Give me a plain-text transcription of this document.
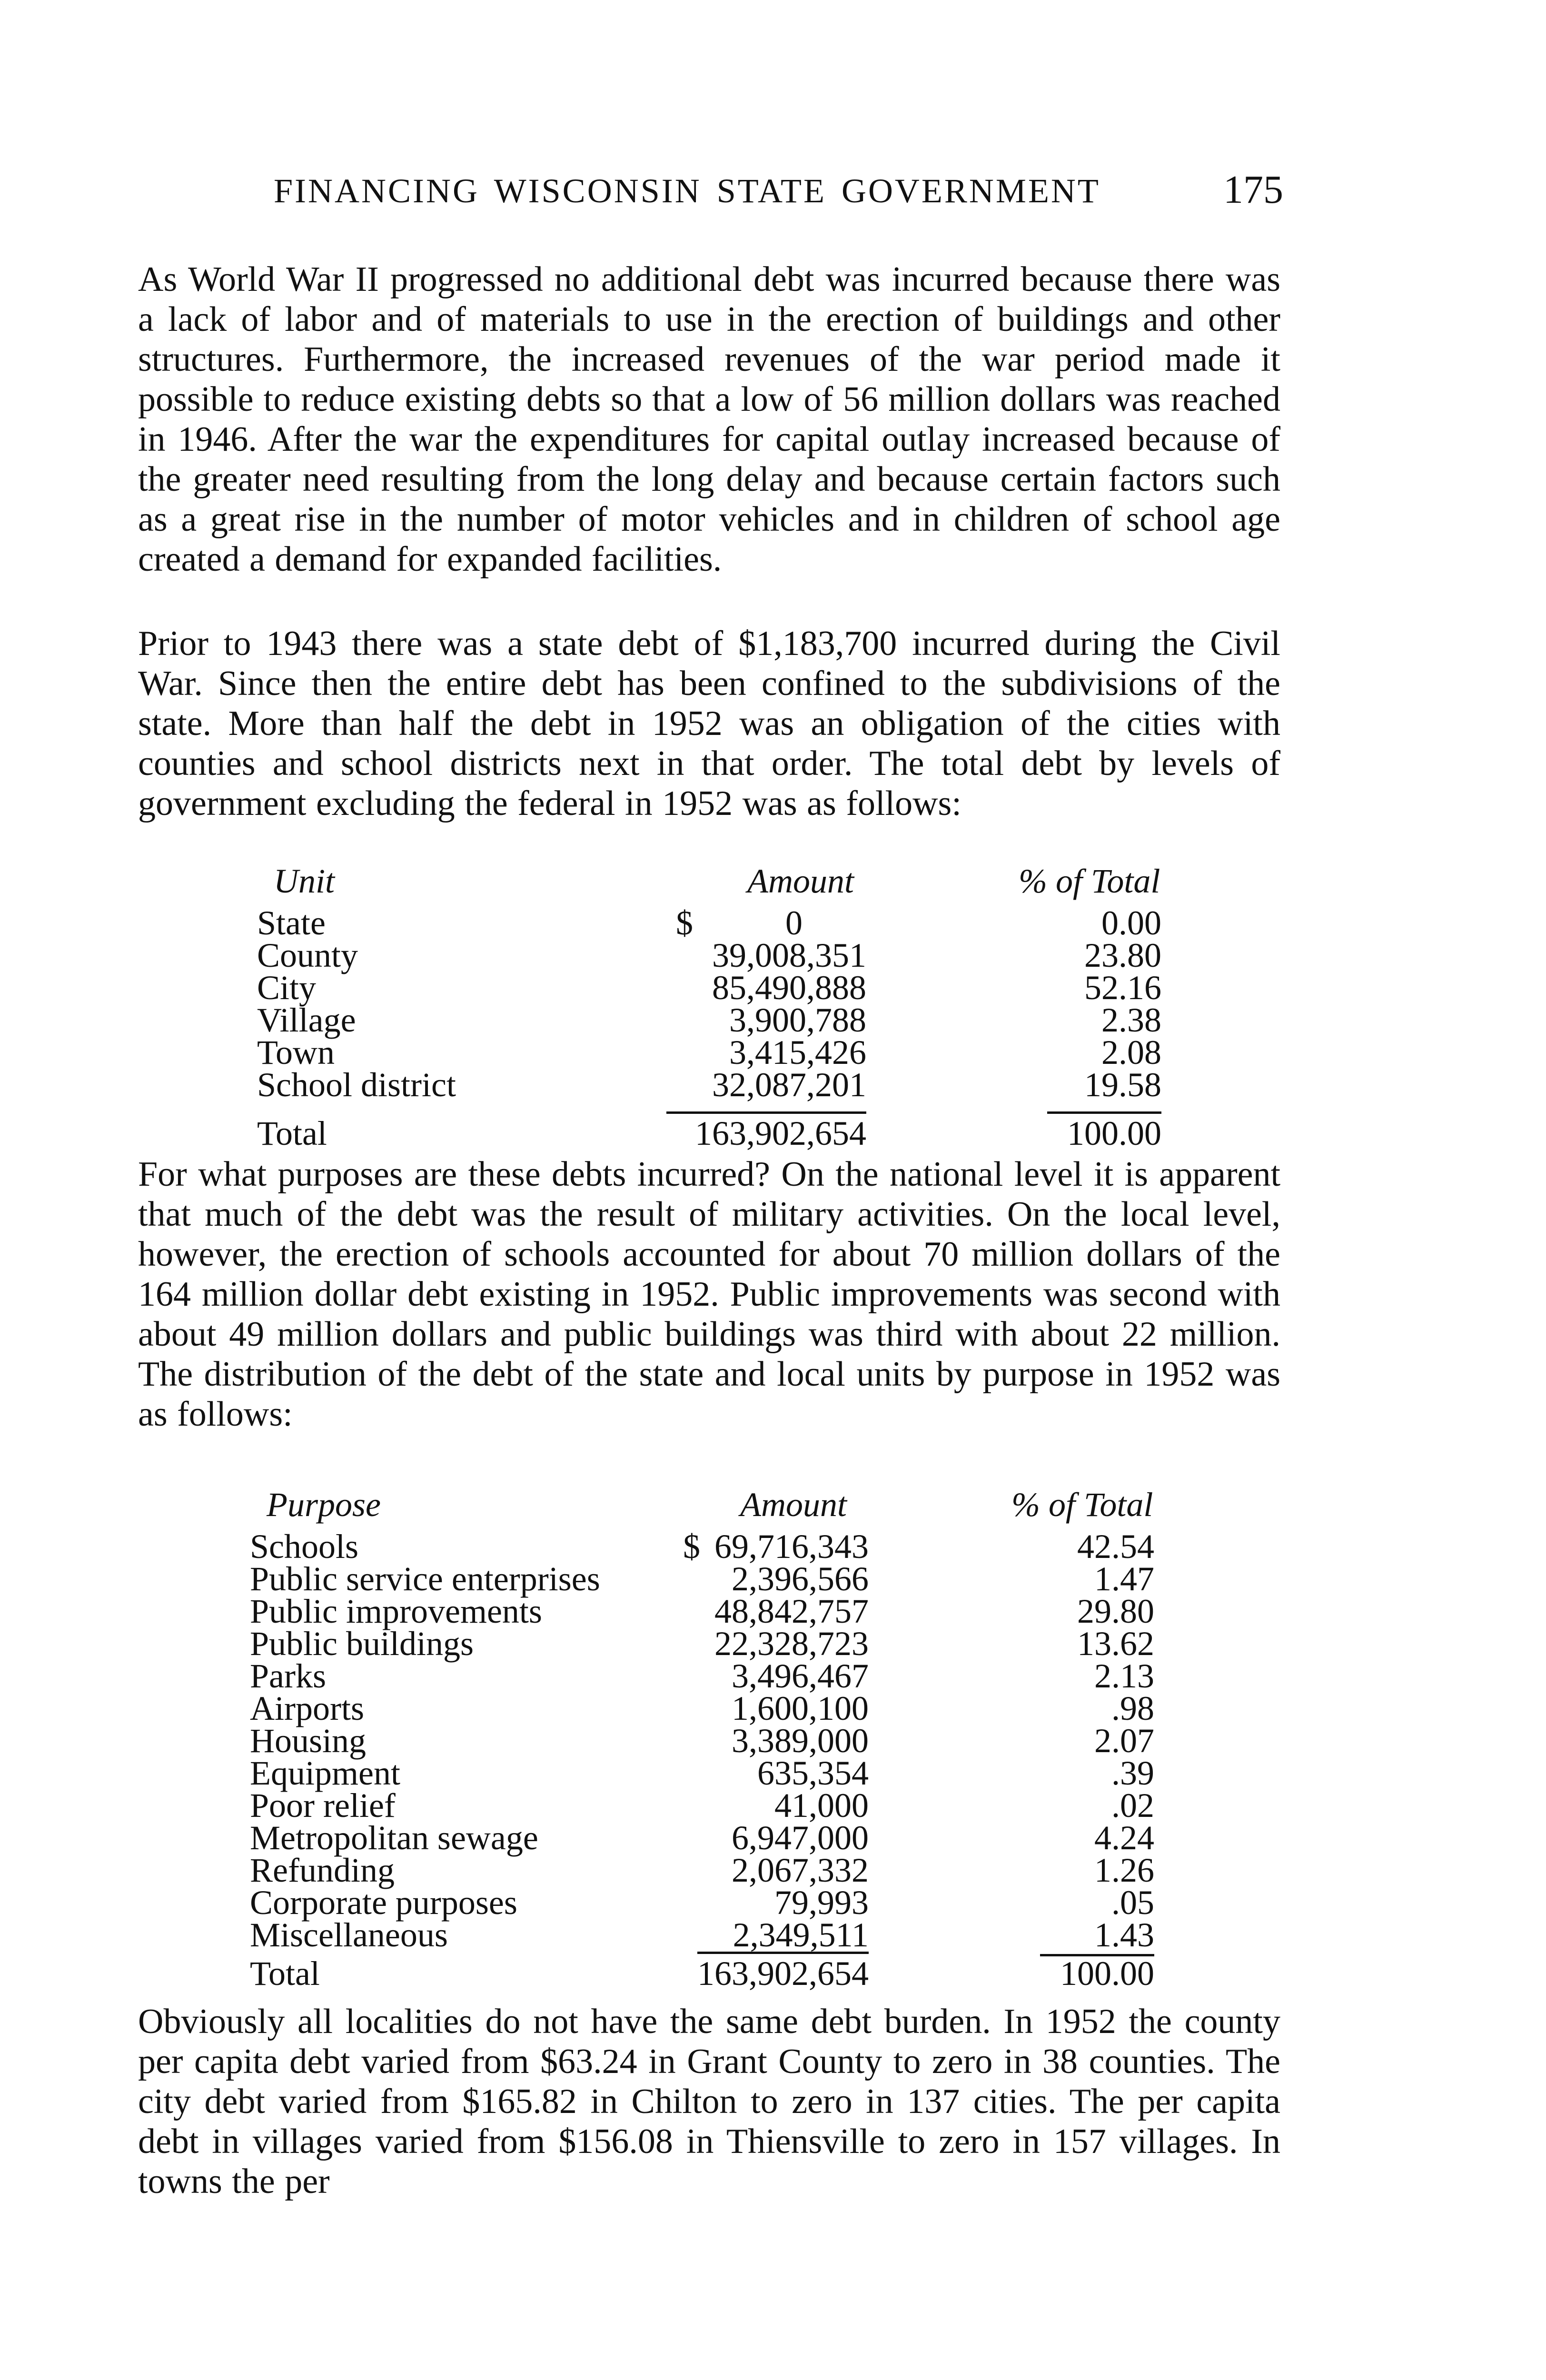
FINANCING WISCONSIN STATE GOVERNMENT	175

As World War II progressed no additional debt was incurred because there was a lack of labor and of materials to use in the erection of buildings and other structures. Furthermore, the increased revenues of the war period made it possible to reduce existing debts so that a low of 56 million dollars was reached in 1946. After the war the expenditures for capital outlay increased because of the greater need resulting from the long delay and because certain factors such as a great rise in the number of motor vehicles and in children of school age created a demand for expanded facilities.

Prior to 1943 there was a state debt of $1,183,700 incurred during the Civil War. Since then the entire debt has been confined to the subdivisions of the state. More than half the debt in 1952 was an obligation of the cities with counties and school districts next in that order. The total debt by levels of government excluding the federal in 1952 was as follows:

Unit	Amount	% of Total
State	$	0	0.00
County	39,008,351	23.80
City	85,490,888	52.16
Village	3,900,788	2.38
Town	3,415,426	2.08
School district	32,087,201	19.58
Total	163,902,654	100.00

For what purposes are these debts incurred? On the national level it is apparent that much of the debt was the result of military activities. On the local level, however, the erection of schools accounted for about 70 million dollars of the 164 million dollar debt existing in 1952. Public improvements was second with about 49 million dollars and public buildings was third with about 22 million. The distribution of the debt of the state and local units by purpose in 1952 was as follows:

Purpose	Amount	% of Total
Schools	$ 69,716,343	42.54
Public service enterprises	2,396,566	1.47
Public improvements	48,842,757	29.80
Public buildings	22,328,723	13.62
Parks	3,496,467	2.13
Airports	1,600,100	.98
Housing	3,389,000	2.07
Equipment	635,354	.39
Poor relief	41,000	.02
Metropolitan sewage	6,947,000	4.24
Refunding	2,067,332	1.26
Corporate purposes	79,993	.05
Miscellaneous	2,349,511	1.43
Total	163,902,654	100.00

Obviously all localities do not have the same debt burden. In 1952 the county per capita debt varied from $63.24 in Grant County to zero in 38 counties. The city debt varied from $165.82 in Chilton to zero in 137 cities. The per capita debt in villages varied from $156.08 in Thiensville to zero in 157 villages. In towns the per
